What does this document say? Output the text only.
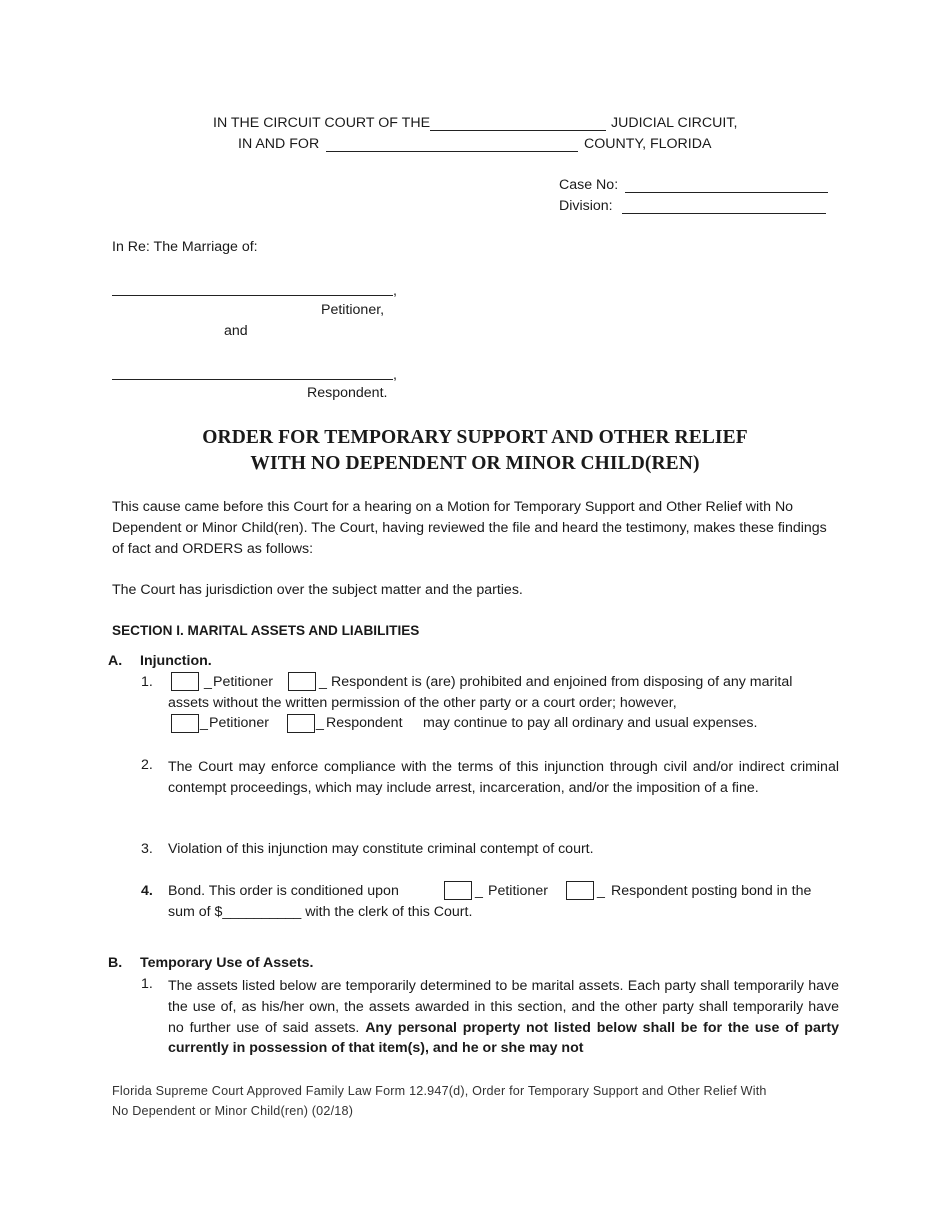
IN THE CIRCUIT COURT OF THE	JUDICIAL CIRCUIT,
IN AND FOR	COUNTY, FLORIDA
Case No:
Division:
In Re: The Marriage of:
,
Petitioner,
and
,
Respondent.
ORDER FOR TEMPORARY SUPPORT AND OTHER RELIEF
WITH NO DEPENDENT OR MINOR CHILD(REN)
This cause came before this Court for a hearing on a Motion for Temporary Support and Other Relief with No Dependent or Minor Child(ren). The Court, having reviewed the file and heard the testimony, makes these findings of fact and ORDERS as follows:
The Court has jurisdiction over the subject matter and the parties.
SECTION I. MARITAL ASSETS AND LIABILITIES
A. Injunction.
1.	_ Petitioner	_ Respondent is (are) prohibited and enjoined from disposing of any marital
assets without the written permission of the other party or a court order; however,
_ Petitioner	_ Respondent may continue to pay all ordinary and usual expenses.
2. The Court may enforce compliance with the terms of this injunction through civil and/or indirect criminal contempt proceedings, which may include arrest, incarceration, and/or the imposition of a fine.
3. Violation of this injunction may constitute criminal contempt of court.
4. Bond. This order is conditioned upon	_ Petitioner	_ Respondent posting bond in the
sum of $__________ with the clerk of this Court.
B. Temporary Use of Assets.
1. The assets listed below are temporarily determined to be marital assets. Each party shall temporarily have the use of, as his/her own, the assets awarded in this section, and the other party shall temporarily have no further use of said assets. Any personal property not listed below shall be for the use of party currently in possession of that item(s), and he or she may not
Florida Supreme Court Approved Family Law Form 12.947(d), Order for Temporary Support and Other Relief With
No Dependent or Minor Child(ren) (02/18)
